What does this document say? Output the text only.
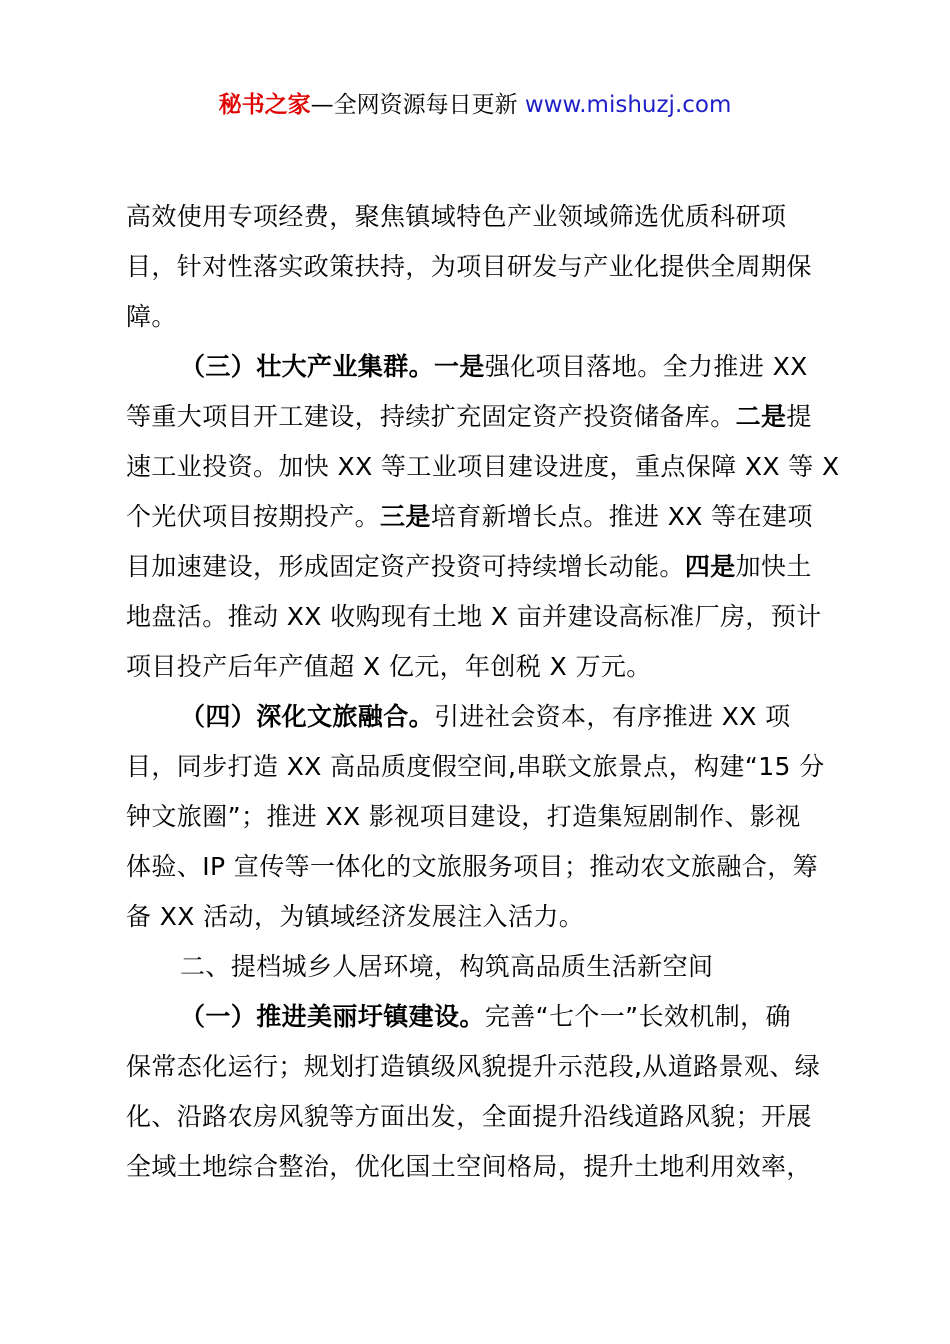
秘书之家—全网资源每日更新 www.mishuzj.com
高效使用专项经费，聚焦镇域特色产业领域筛选优质科研项
目，针对性落实政策扶持，为项目研发与产业化提供全周期保
障。
（三）壮大产业集群。一是强化项目落地。全力推进 XX
等重大项目开工建设，持续扩充固定资产投资储备库。二是提
速工业投资。加快 XX 等工业项目建设进度，重点保障 XX 等 X
个光伏项目按期投产。三是培育新增长点。推进 XX 等在建项
目加速建设，形成固定资产投资可持续增长动能。四是加快土
地盘活。推动 XX 收购现有土地 X 亩并建设高标准厂房，预计
项目投产后年产值超 X 亿元，年创税 X 万元。
（四）深化文旅融合。引进社会资本，有序推进 XX 项
目，同步打造 XX 高品质度假空间,串联文旅景点，构建“15 分
钟文旅圈”；推进 XX 影视项目建设，打造集短剧制作、影视
体验、IP 宣传等一体化的文旅服务项目；推动农文旅融合，筹
备 XX 活动，为镇域经济发展注入活力。
二、提档城乡人居环境，构筑高品质生活新空间
（一）推进美丽圩镇建设。完善“七个一”长效机制，确
保常态化运行；规划打造镇级风貌提升示范段,从道路景观、绿
化、沿路农房风貌等方面出发，全面提升沿线道路风貌；开展
全域土地综合整治，优化国土空间格局，提升土地利用效率，
